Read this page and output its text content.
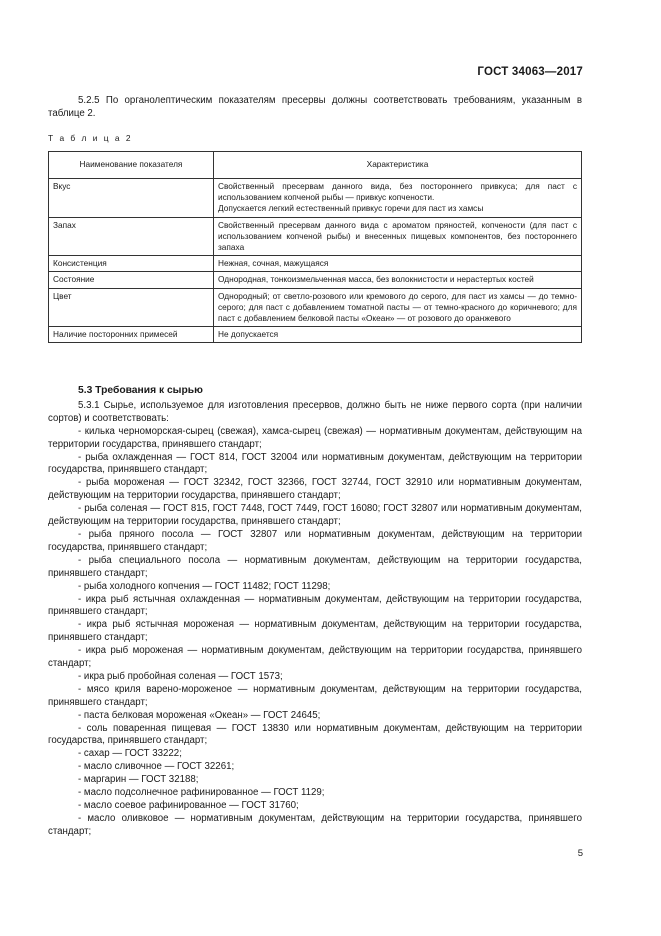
ГОСТ 34063—2017

5.2.5 По органолептическим показателям пресервы должны соответствовать требованиям, указанным в таблице 2.

Т а б л и ц а 2
Наименование показателя	Характеристика
Вкус	Свойственный пресервам данного вида, без постороннего привкуса; для паст с использованием копченой рыбы — привкус копчености.

Допускается легкий естественный привкус горечи для паст из хамсы

Запах	Свойственный пресервам данного вида с ароматом пряностей, копчености (для паст с использованием копченой рыбы) и внесенных пищевых компонентов, без постороннего запаха

Консистенция	Нежная, сочная, мажущаяся

Состояние	Однородная, тонкоизмельченная масса, без волокнистости и нерастертых костей

Цвет	Однородный; от светло-розового или кремового до серого, для паст из хамсы — до темно-серого; для паст с добавлением томатной пасты — от темно-красного до коричневого; для паст с добавлением белковой пасты «Океан» — от розового до оранжевого

Наличие посторонних примесей	Не допускается

5.3 Требования к сырью

5.3.1 Сырье, используемое для изготовления пресервов, должно быть не ниже первого сорта (при наличии сортов) и соответствовать:

- килька черноморская-сырец (свежая), хамса-сырец (свежая) — нормативным документам, действующим на территории государства, принявшего стандарт;
- рыба охлажденная — ГОСТ 814, ГОСТ 32004 или нормативным документам, действующим на территории государства, принявшего стандарт;
- рыба мороженая — ГОСТ 32342, ГОСТ 32366, ГОСТ 32744, ГОСТ 32910 или нормативным документам, действующим на территории государства, принявшего стандарт;
- рыба соленая — ГОСТ 815, ГОСТ 7448, ГОСТ 7449, ГОСТ 16080; ГОСТ 32807 или нормативным документам, действующим на территории государства, принявшего стандарт;
- рыба пряного посола — ГОСТ 32807 или нормативным документам, действующим на территории государства, принявшего стандарт;
- рыба специального посола — нормативным документам, действующим на территории государства, принявшего стандарт;
- рыба холодного копчения — ГОСТ 11482; ГОСТ 11298;
- икра рыб ястычная охлажденная — нормативным документам, действующим на территории государства, принявшего стандарт;
- икра рыб ястычная мороженая — нормативным документам, действующим на территории государства, принявшего стандарт;
- икра рыб мороженая — нормативным документам, действующим на территории государства, принявшего стандарт;
- икра рыб пробойная соленая — ГОСТ 1573;
- мясо криля варено-мороженое — нормативным документам, действующим на территории государства, принявшего стандарт;
- паста белковая мороженая «Океан» — ГОСТ 24645;
- соль поваренная пищевая — ГОСТ 13830 или нормативным документам, действующим на территории государства, принявшего стандарт;
- сахар — ГОСТ 33222;
- масло сливочное — ГОСТ 32261;
- маргарин — ГОСТ 32188;
- масло подсолнечное рафинированное — ГОСТ 1129;
- масло соевое рафинированное — ГОСТ 31760;
- масло оливковое — нормативным документам, действующим на территории государства, принявшего стандарт;
5
